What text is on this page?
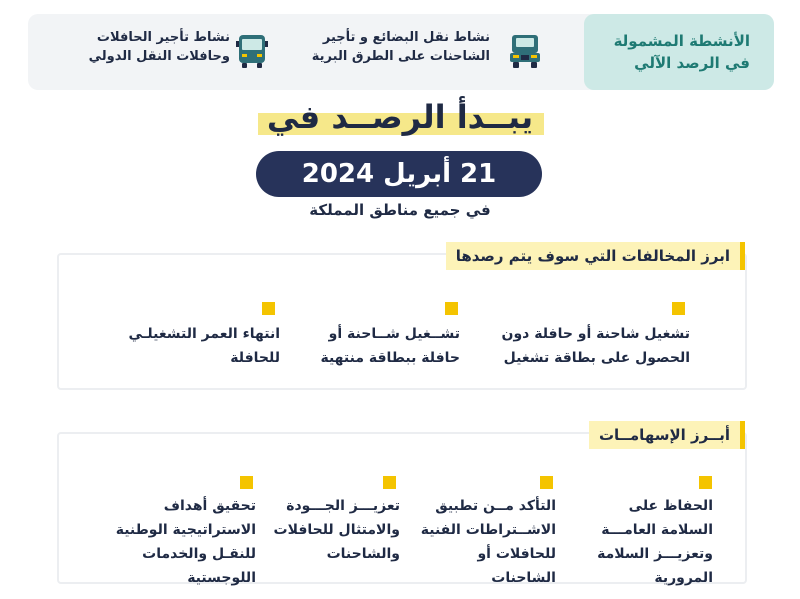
الأنشطة المشمولة في الرصد الآلي
نشاط نقل البضائع و تأجير الشاحنات على الطرق البرية
نشاط تأجير الحافلات وحافلات النقل الدولي
يبــدأ الرصــد في
21 أبريل 2024
في جميع مناطق المملكة
ابرز المخالفات التي سوف يتم رصدها
تشغيل شاحنة أو حافلة دون الحصول على بطاقة تشغيل
تشــغيل شــاحنة أو حافلة ببطاقة منتهية
انتهاء العمر التشغيلـي للحافلة
أبــرز الإسهامــات
الحفاظ على السلامة العامـــة وتعزيـــز السلامة المرورية
التأكد مــن تطبيق الاشــتراطات الفنية للحافلات أو الشاحنات
تعزيـــز الجـــودة والامتثال للحافلات والشاحنات
تحقيق أهداف الاستراتيجية الوطنية للنقـل والخدمات اللوجستية
